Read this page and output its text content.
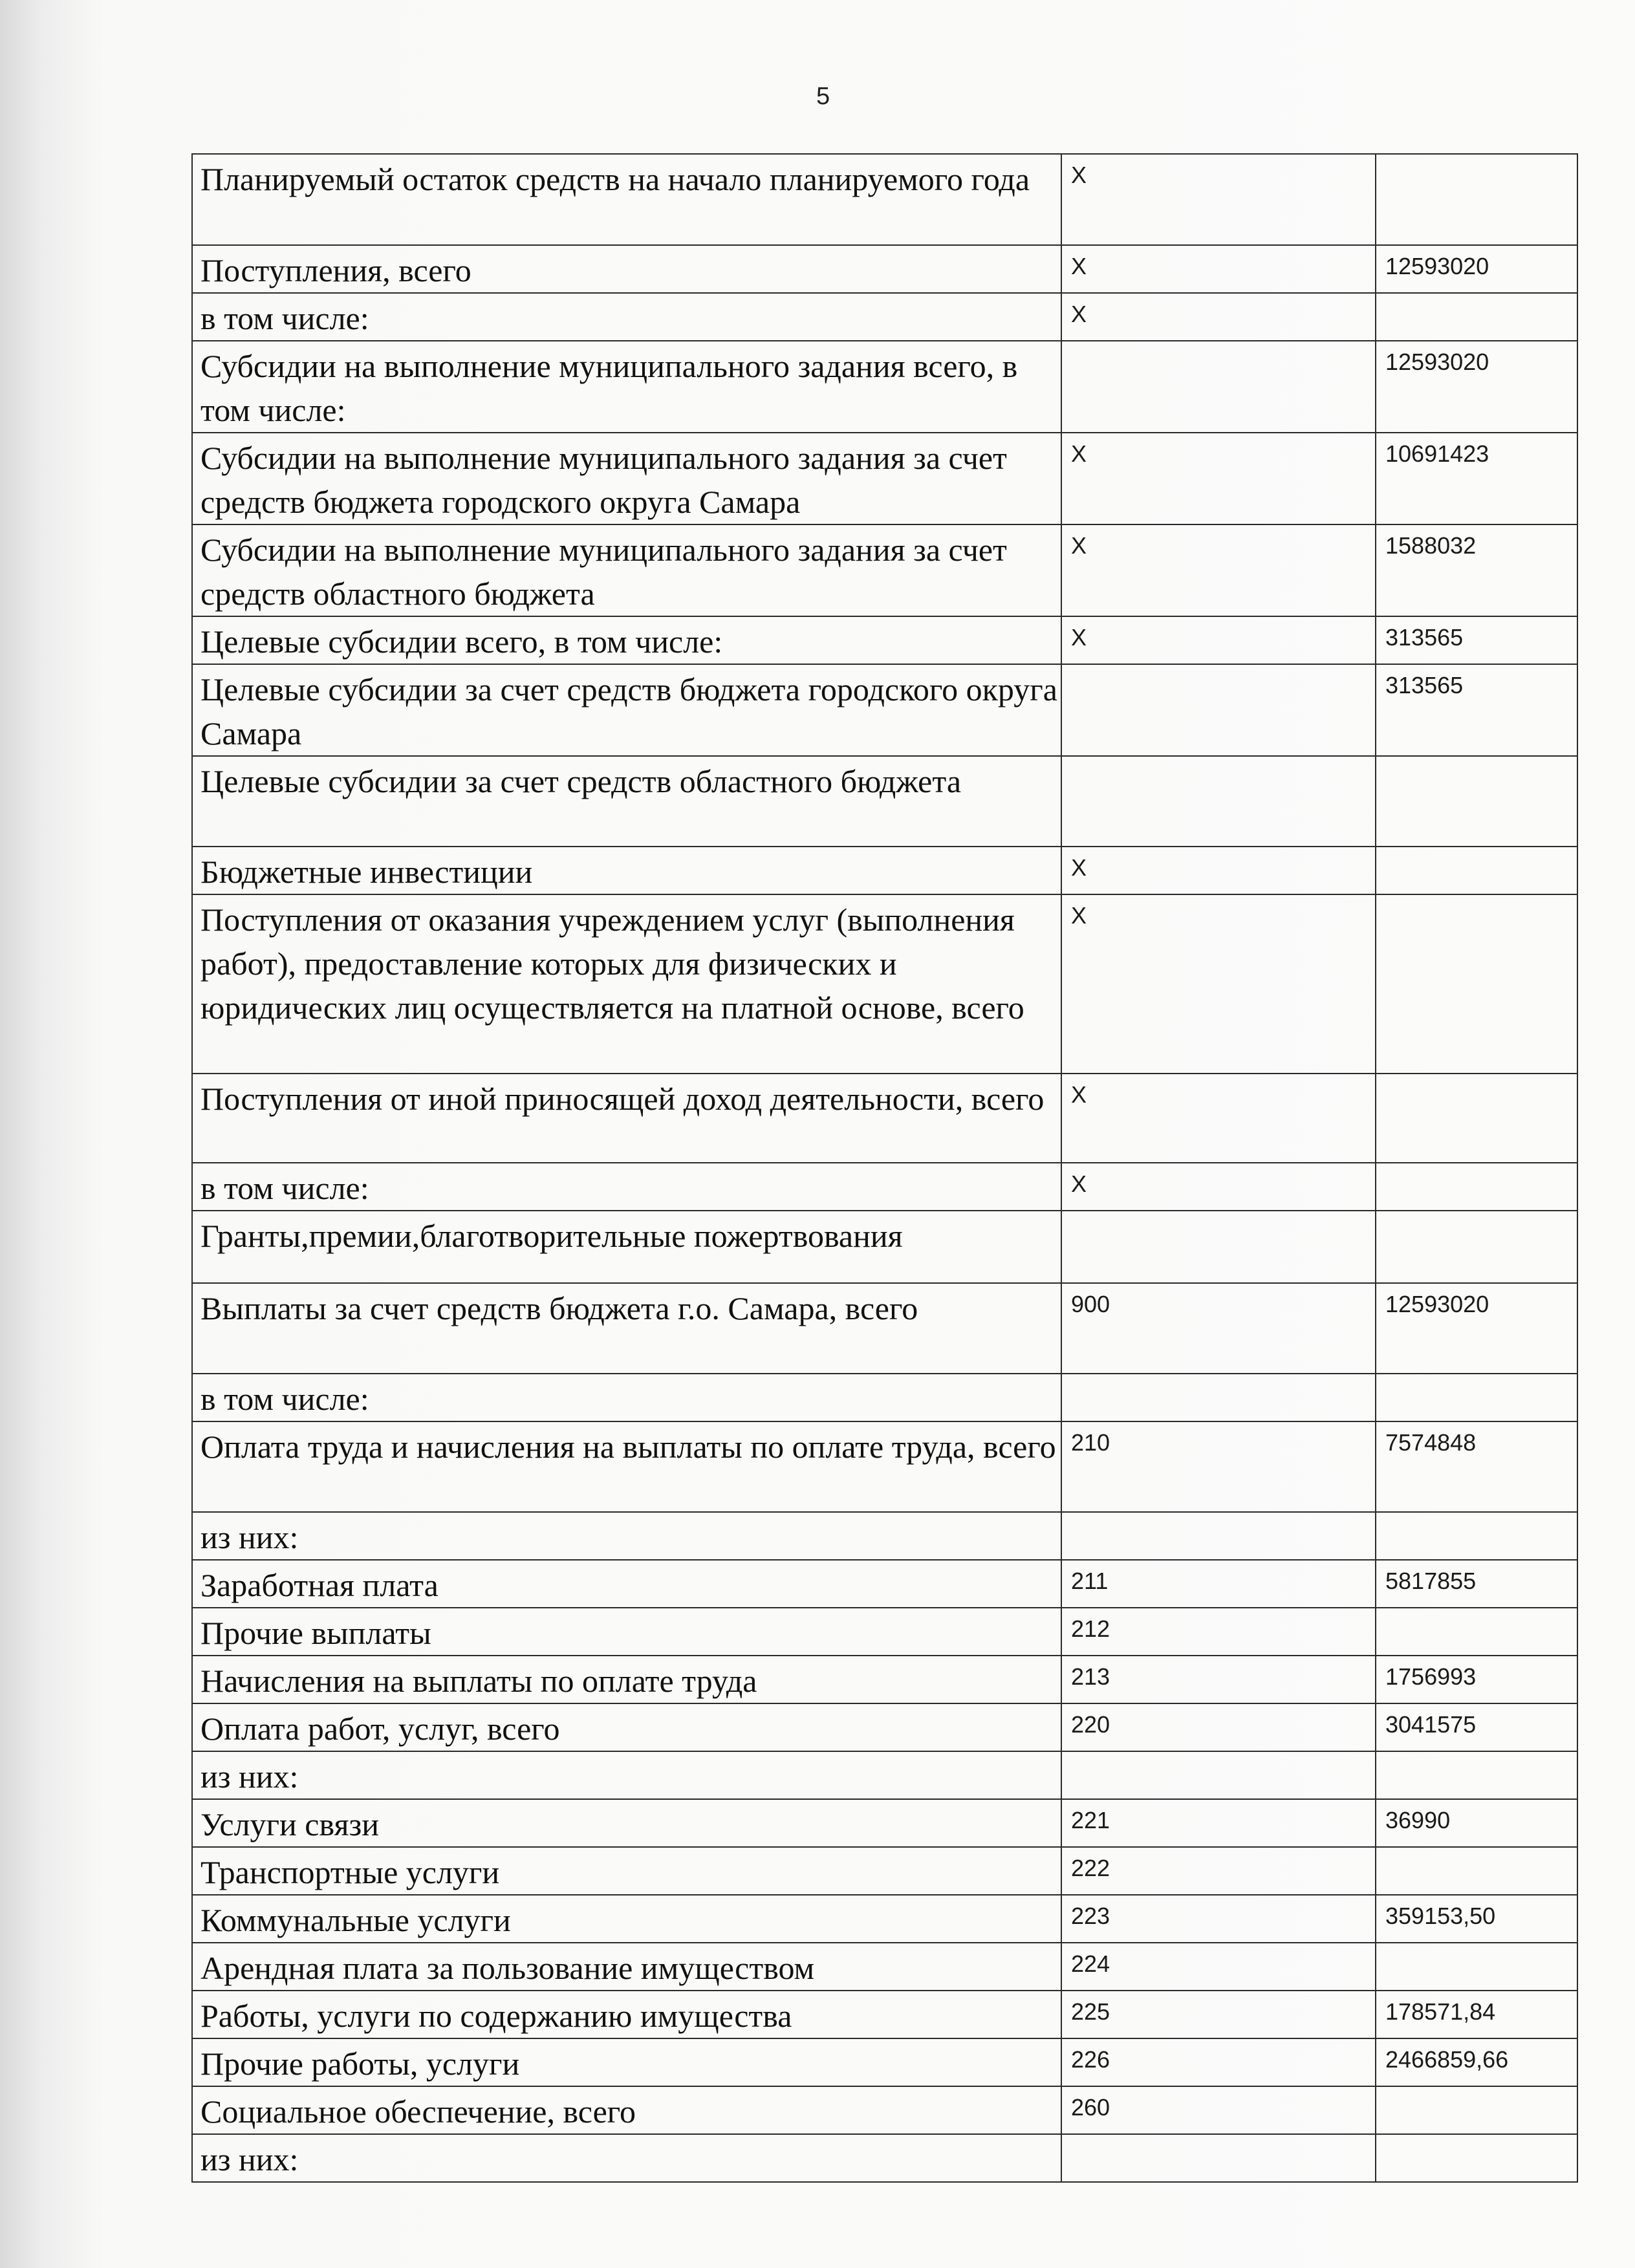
5
Планируемый остаток средств на начало планируемого года	X	
Поступления, всего	X	12593020
в том числе:	X	
Субсидии на выполнение муниципального задания всего, в том числе:		12593020
Субсидии на выполнение муниципального задания за счет средств бюджета городского округа Самара	X	10691423
Субсидии на выполнение муниципального задания за счет средств областного бюджета	X	1588032
Целевые субсидии всего, в том числе:	X	313565
Целевые субсидии за счет средств бюджета городского округа Самара		313565
Целевые субсидии за счет средств областного бюджета		
Бюджетные инвестиции	X	
Поступления от оказания учреждением услуг (выполнения работ), предоставление которых для физических и юридических лиц осуществляется на платной основе, всего	X	
Поступления от иной приносящей доход деятельности, всего	X	
в том числе:	X	
Гранты,премии,благотворительные пожертвования		
Выплаты за счет средств бюджета г.о. Самара, всего	900	12593020
в том числе:		
Оплата труда и начисления на выплаты по оплате труда, всего	210	7574848
из них:		
Заработная плата	211	5817855
Прочие выплаты	212	
Начисления на выплаты по оплате труда	213	1756993
Оплата работ, услуг, всего	220	3041575
из них:		
Услуги связи	221	36990
Транспортные услуги	222	
Коммунальные услуги	223	359153,50
Арендная плата за пользование имуществом	224	
Работы, услуги по содержанию имущества	225	178571,84
Прочие работы, услуги	226	2466859,66
Социальное обеспечение, всего	260	
из них:		
